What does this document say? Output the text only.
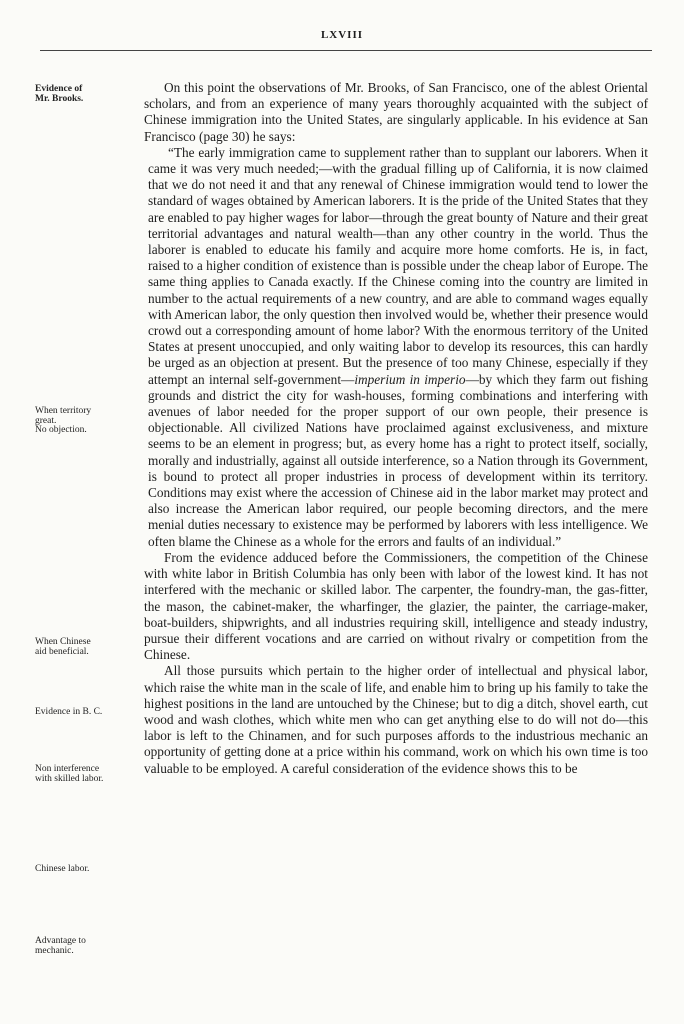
LXVIII
Evidence of
Mr. Brooks.
When territory
great.
No objection.
When Chinese
aid beneficial.
Evidence in B. C.
Non interference
with skilled labor.
Chinese labor.
Advantage to
mechanic.

On this point the observations of Mr. Brooks, of San Francisco, one of the ablest Oriental scholars, and from an experience of many years thoroughly acquainted with the subject of Chinese immigration into the United States, are singularly applicable. In his evidence at San Francisco (page 30) he says:

“The early immigration came to supplement rather than to supplant our laborers. When it came it was very much needed;—with the gradual filling up of California, it is now claimed that we do not need it and that any renewal of Chinese immigration would tend to lower the standard of wages obtained by American laborers. It is the pride of the United States that they are enabled to pay higher wages for labor—through the great bounty of Nature and their great territorial advantages and natural wealth—than any other country in the world. Thus the laborer is enabled to educate his family and acquire more home comforts. He is, in fact, raised to a higher condition of existence than is possible under the cheap labor of Europe. The same thing applies to Canada exactly. If the Chinese coming into the country are limited in number to the actual requirements of a new country, and are able to command wages equally with American labor, the only question then involved would be, whether their presence would crowd out a corresponding amount of home labor? With the enormous territory of the United States at present unoccupied, and only waiting labor to develop its resources, this can hardly be urged as an objection at present. But the presence of too many Chinese, especially if they attempt an internal self-government—imperium in imperio—by which they farm out fishing grounds and district the city for wash-houses, forming combinations and interfering with avenues of labor needed for the proper support of our own people, their presence is objectionable. All civilized Nations have proclaimed against exclusiveness, and mixture seems to be an element in progress; but, as every home has a right to protect itself, socially, morally and industrially, against all outside interference, so a Nation through its Government, is bound to protect all proper industries in process of development within its territory. Conditions may exist where the accession of Chinese aid in the labor market may protect and also increase the American labor required, our people becoming directors, and the mere menial duties necessary to existence may be performed by laborers with less intelligence. We often blame the Chinese as a whole for the errors and faults of an individual.”

From the evidence adduced before the Commissioners, the competition of the Chinese with white labor in British Columbia has only been with labor of the lowest kind. It has not interfered with the mechanic or skilled labor. The carpenter, the foundry-man, the gas-fitter, the mason, the cabinet-maker, the wharfinger, the glazier, the painter, the carriage-maker, boat-builders, shipwrights, and all industries requiring skill, intelligence and steady industry, pursue their different vocations and are carried on without rivalry or competition from the Chinese.

All those pursuits which pertain to the higher order of intellectual and physical labor, which raise the white man in the scale of life, and enable him to bring up his family to take the highest positions in the land are untouched by the Chinese; but to dig a ditch, shovel earth, cut wood and wash clothes, which white men who can get anything else to do will not do—this labor is left to the Chinamen, and for such purposes affords to the industrious mechanic an opportunity of getting done at a price within his command, work on which his own time is too valuable to be employed. A careful consideration of the evidence shows this to be
